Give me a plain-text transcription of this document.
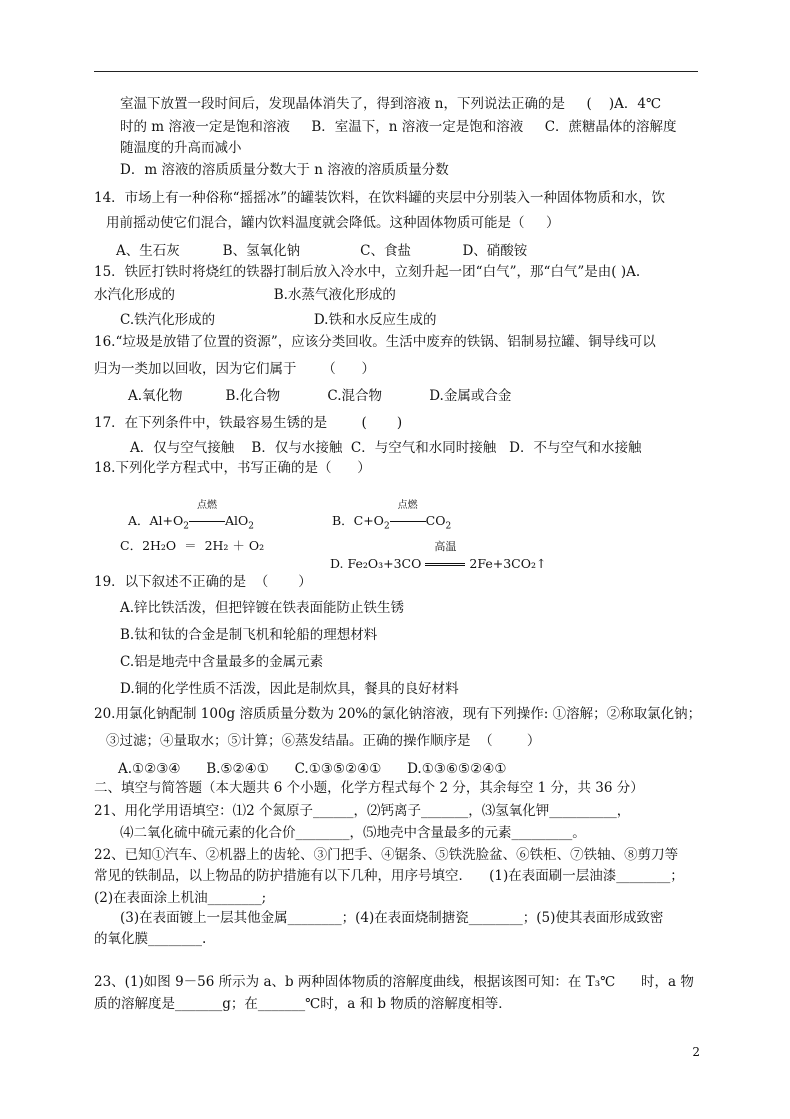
室温下放置一段时间后，发现晶体消失了，得到溶液 n，下列说法正确的是     (    )A．4℃
时的 m 溶液一定是饱和溶液     B．室温下，n 溶液一定是饱和溶液     C．蔗糖晶体的溶解度
随温度的升高而减小
D．m 溶液的溶质质量分数大于 n 溶液的溶质质量分数
14．市场上有一种俗称“摇摇冰”的罐装饮料，在饮料罐的夹层中分别装入一种固体物质和水，饮
用前摇动使它们混合，罐内饮料温度就会降低。这种固体物质可能是（     ）
A、生石灰          B、氢氧化钠              C、食盐            D、硝酸铵
15．铁匠打铁时将烧红的铁器打制后放入冷水中，立刻升起一团“白气”，那“白气”是由( )A.
水汽化形成的                       B.水蒸气液化形成的
C.铁汽化形成的                       D.铁和水反应生成的
16.“垃圾是放错了位置的资源”，应该分类回收。生活中废弃的铁锅、铝制易拉罐、铜导线可以
归为一类加以回收，因为它们属于      （      ）
A.氧化物          B.化合物           C.混合物           D.金属或合金
17．在下列条件中，铁最容易生锈的是        (       )
A．仅与空气接触    B．仅与水接触  C．与空气和水同时接触   D．不与空气和水接触
18.下列化学方程式中，书写正确的是（      ）
19．以下叙述不正确的是  （       ）
A.锌比铁活泼，但把锌镀在铁表面能防止铁生锈
B.钛和钛的合金是制飞机和轮船的理想材料
C.铝是地壳中含量最多的金属元素
D.铜的化学性质不活泼，因此是制炊具，餐具的良好材料
20.用氯化钠配制 100g 溶质质量分数为 20%的氯化钠溶液，现有下列操作: ①溶解；②称取氯化钠；
③过滤；④量取水；⑤计算；⑥蒸发结晶。正确的操作顺序是  （        ）
A.①②③④      B.⑤②④①      C.①③⑤②④①      D.①③⑥⑤②④①
二、填空与简答题（本大题共 6 个小题，化学方程式每个 2 分，其余每空 1 分，共 36 分）
21、用化学用语填空：⑴2 个氮原子______，⑵钙离子_______，⑶氢氧化钾__________，
⑷二氧化硫中硫元素的化合价________，⑸地壳中含量最多的元素_________。
22、已知①汽车、②机器上的齿轮、③门把手、④锯条、⑤铁洗脸盆、⑥铁柜、⑦铁轴、⑧剪刀等
常见的铁制品，以上物品的防护措施有以下几种，用序号填空．    (1)在表面刷一层油漆________；
(2)在表面涂上机油________;
(3)在表面镀上一层其他金属________；(4)在表面烧制搪瓷________；(5)使其表面形成致密
的氧化膜________.
23、(1)如图 9－56 所示为 a、b 两种固体物质的溶解度曲线，根据该图可知：在 T₃℃      时，a 物
质的溶解度是_______g；在_______℃时，a 和 b 物质的溶解度相等．

A．$Al+O_2$
点燃
AlO$_2$	B．$C+O_2$
点燃
$CO_2$

C．2H₂O  ＝  2H₂ ＋ O₂

D. Fe₂O₃+3CO
高温
2Fe+3CO₂↑

2
